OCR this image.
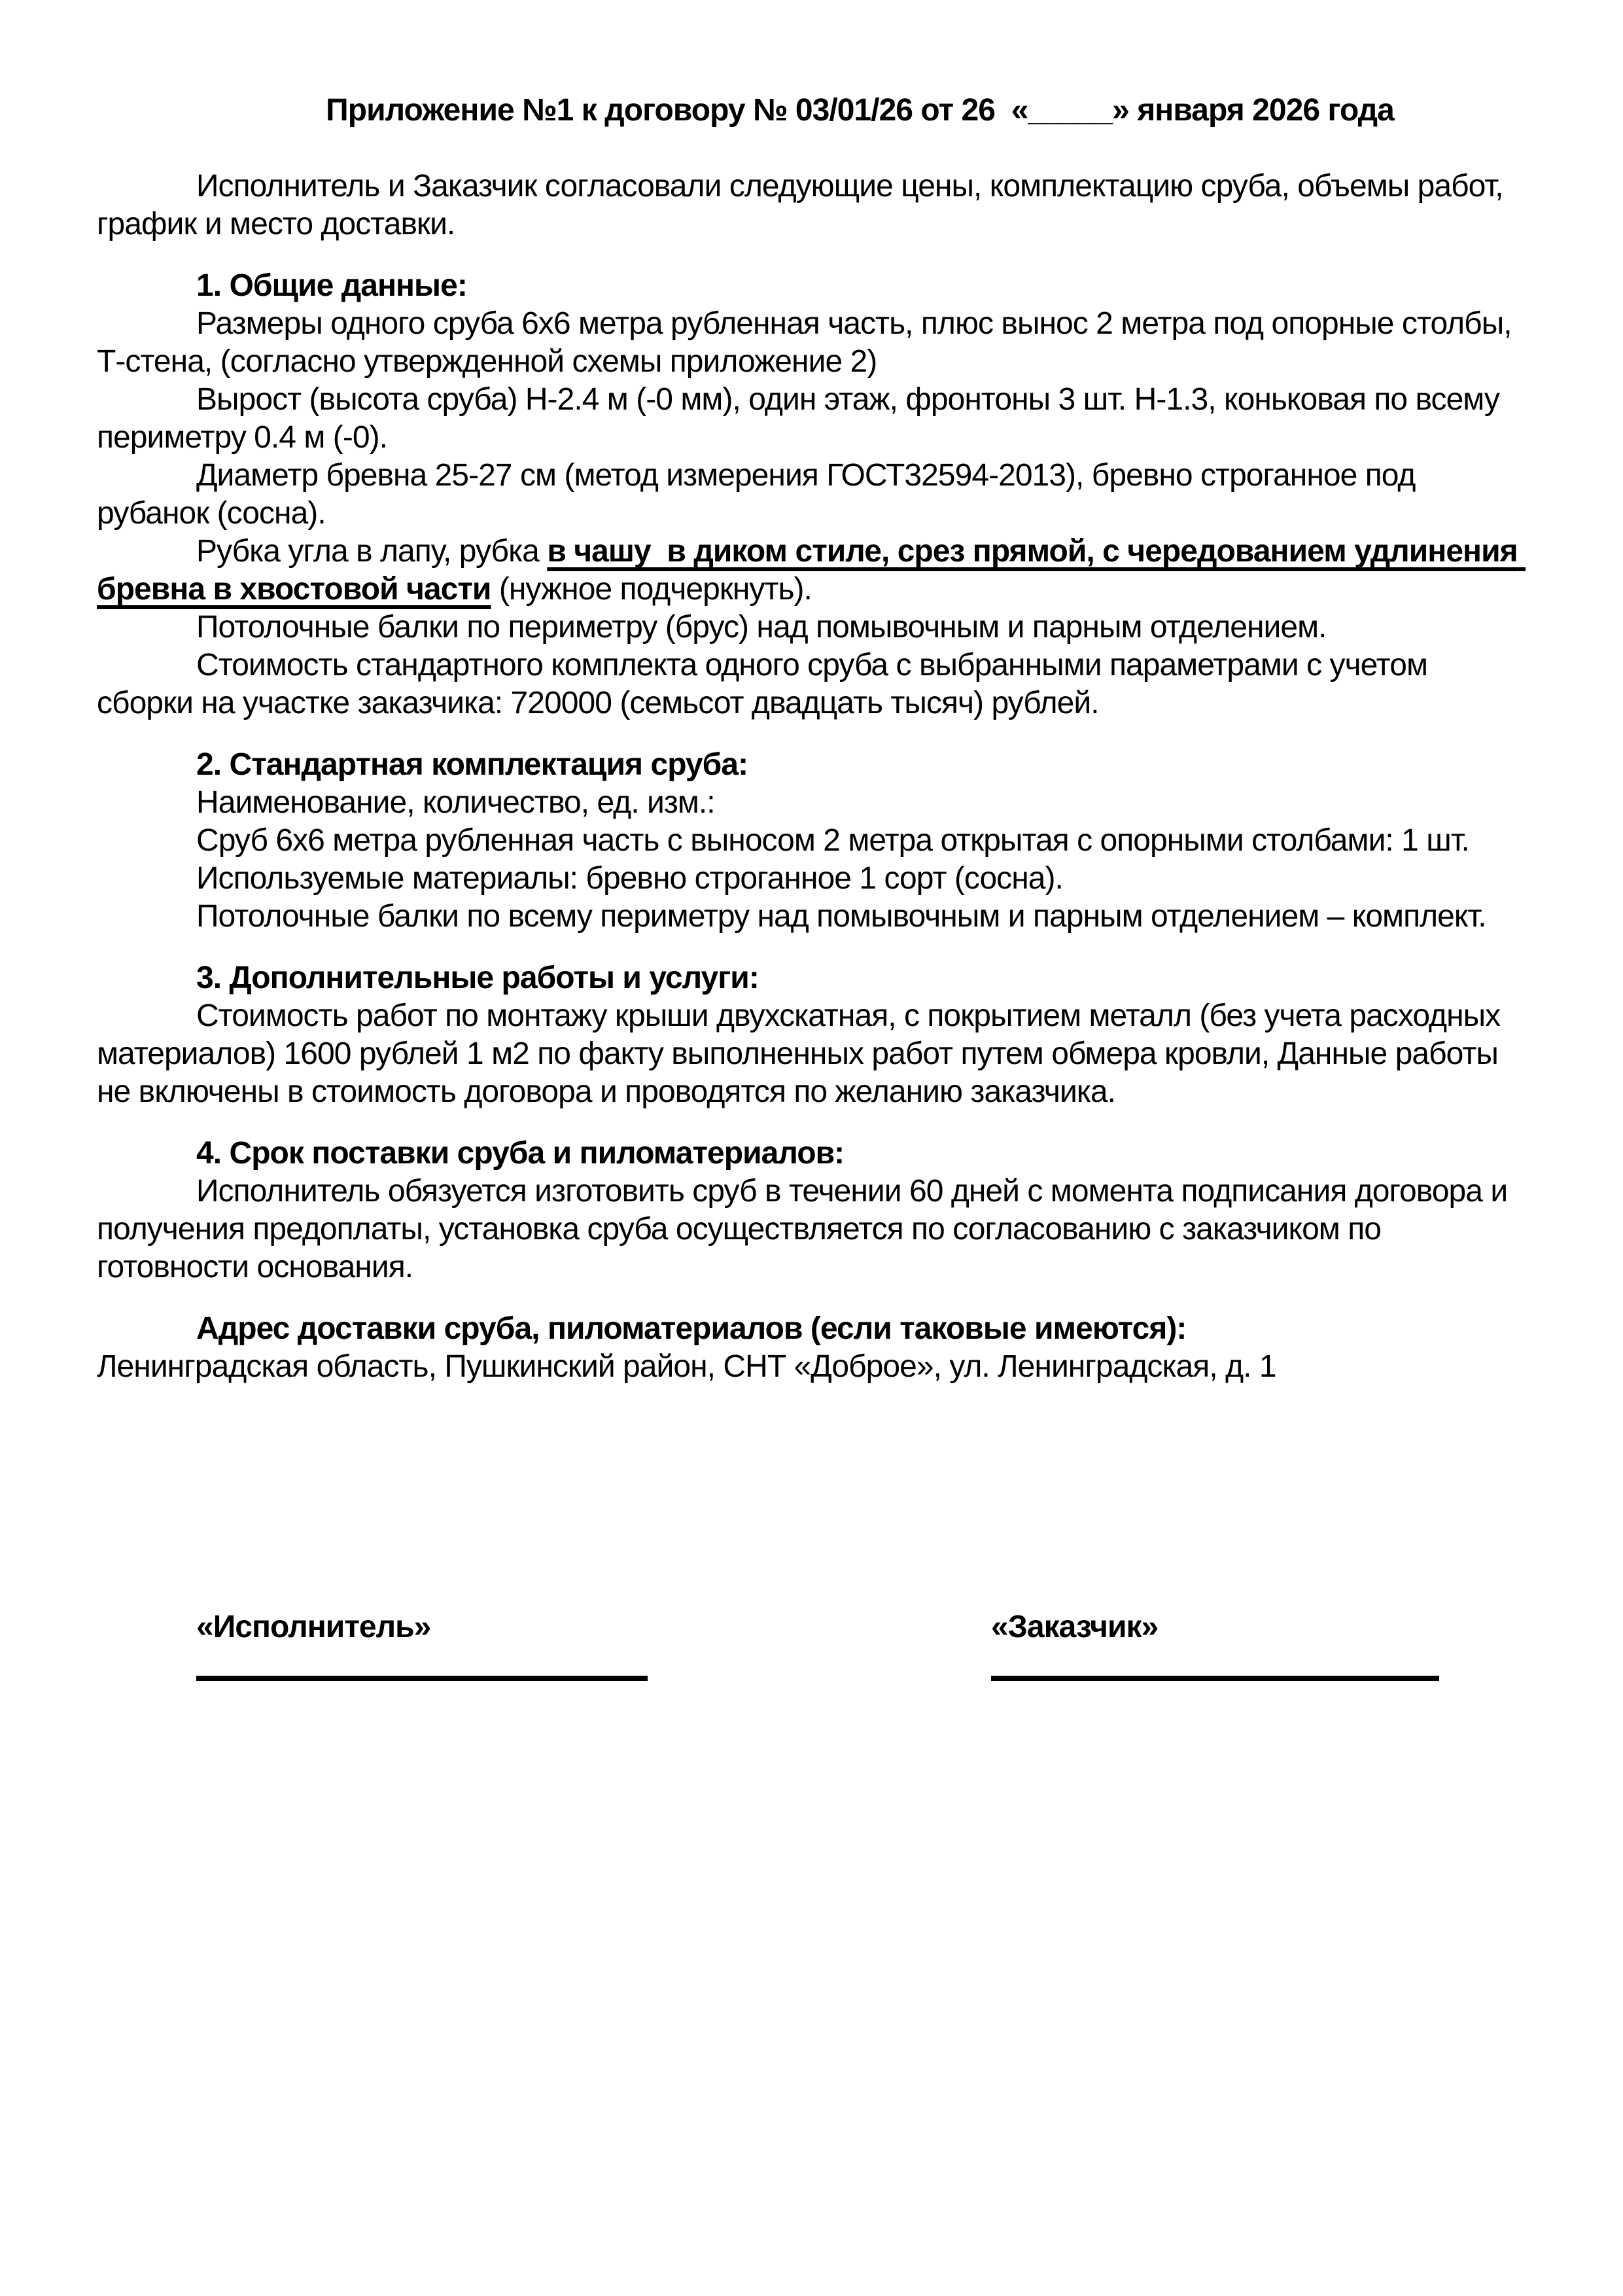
Приложение №1 к договору № 03/01/26 от 26  «_____» января 2026 года

Исполнитель и Заказчик согласовали следующие цены, комплектацию сруба, объемы работ, график и место доставки.

1. Общие данные:

Размеры одного сруба 6х6 метра рубленная часть, плюс вынос 2 метра под опорные столбы, Т-стена, (согласно утвержденной схемы приложение 2)

Вырост (высота сруба) Н-2.4 м (-0 мм), один этаж, фронтоны 3 шт. Н-1.3, коньковая по всему периметру 0.4 м (-0).

Диаметр бревна 25-27 см (метод измерения ГОСТ32594-2013), бревно строганное под рубанок (сосна).

Рубка угла в лапу, рубка в чашу  в диком стиле, срез прямой, с чередованием удлинения бревна в хвостовой части (нужное подчеркнуть).

Потолочные балки по периметру (брус) над помывочным и парным отделением.

Стоимость стандартного комплекта одного сруба с выбранными параметрами с учетом сборки на участке заказчика: 720000 (семьсот двадцать тысяч) рублей.

2. Стандартная комплектация сруба:

Наименование, количество, ед. изм.:

Сруб 6х6 метра рубленная часть с выносом 2 метра открытая с опорными столбами: 1 шт.

Используемые материалы: бревно строганное 1 сорт (сосна).

Потолочные балки по всему периметру над помывочным и парным отделением – комплект.

3. Дополнительные работы и услуги:

Стоимость работ по монтажу крыши двухскатная, с покрытием металл (без учета расходных материалов) 1600 рублей 1 м2 по факту выполненных работ путем обмера кровли, Данные работы не включены в стоимость договора и проводятся по желанию заказчика.

4. Срок поставки сруба и пиломатериалов:

Исполнитель обязуется изготовить сруб в течении 60 дней с момента подписания договора и получения предоплаты, установка сруба осуществляется по согласованию с заказчиком по готовности основания.

Адрес доставки сруба, пиломатериалов (если таковые имеются):

Ленинградская область, Пушкинский район, СНТ «Доброе», ул. Ленинградская, д. 1

«Исполнитель»	«Заказчик»
